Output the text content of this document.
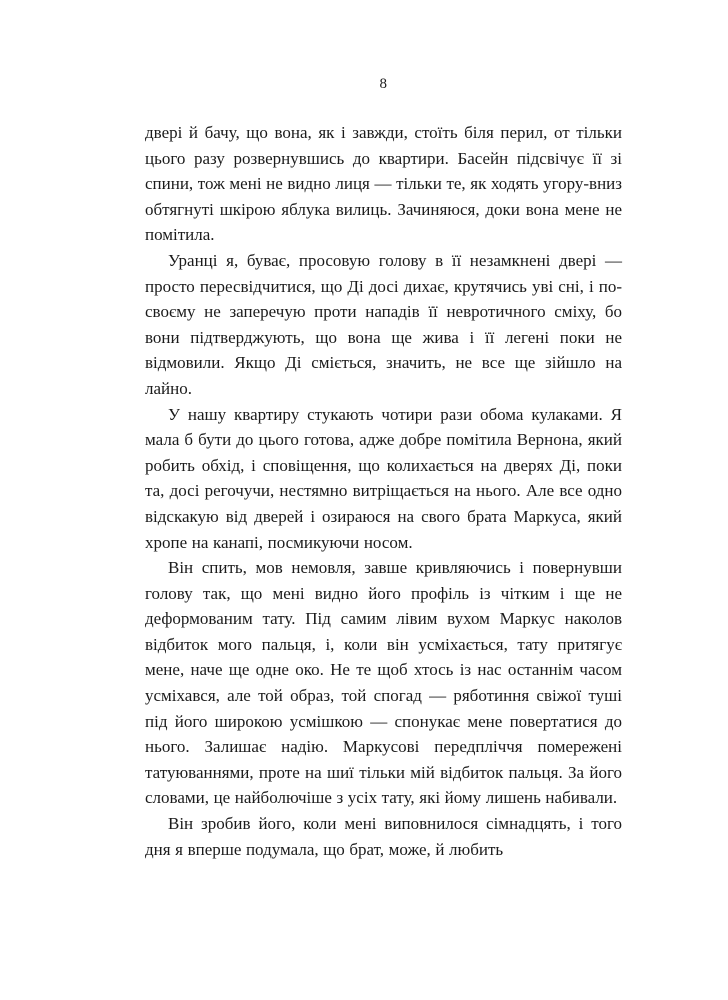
8

двері й бачу, що вона, як і завжди, стоїть біля перил, от тільки цього разу розвернувшись до квартири. Басейн підсвічує її зі спини, тож мені не видно лиця — тільки те, як ходять угору-вниз обтягнуті шкірою яблука вилиць. Зачиняюся, доки вона мене не помітила.

Уранці я, буває, просовую голову в її незамкнені двері — просто пересвідчитися, що Ді досі дихає, крутячись уві сні, і по-своєму не заперечую проти нападів її невротичного сміху, бо вони підтверджують, що вона ще жива і її легені поки не відмовили. Якщо Ді сміється, значить, не все ще зійшло на лайно.

У нашу квартиру стукають чотири рази обома кулаками. Я мала б бути до цього готова, адже добре помітила Вернона, який робить обхід, і сповіщення, що колихається на дверях Ді, поки та, досі регочучи, нестямно витріщається на нього. Але все одно відскакую від дверей і озираюся на свого брата Маркуса, який хропе на канапі, посмикуючи носом.

Він спить, мов немовля, завше кривляючись і повернувши голову так, що мені видно його профіль із чітким і ще не деформованим тату. Під самим лівим вухом Маркус наколов відбиток мого пальця, і, коли він усміхається, тату притягує мене, наче ще одне око. Не те щоб хтось із нас останнім часом усміхався, але той образ, той спогад — ряботиння свіжої туші під його широкою усмішкою — спонукає мене повертатися до нього. Залишає надію. Маркусові передпліччя помережені татуюваннями, проте на шиї тільки мій відбиток пальця. За його словами, це найболючіше з усіх тату, які йому лишень набивали.

Він зробив його, коли мені виповнилося сімнадцять, і того дня я вперше подумала, що брат, може, й любить
